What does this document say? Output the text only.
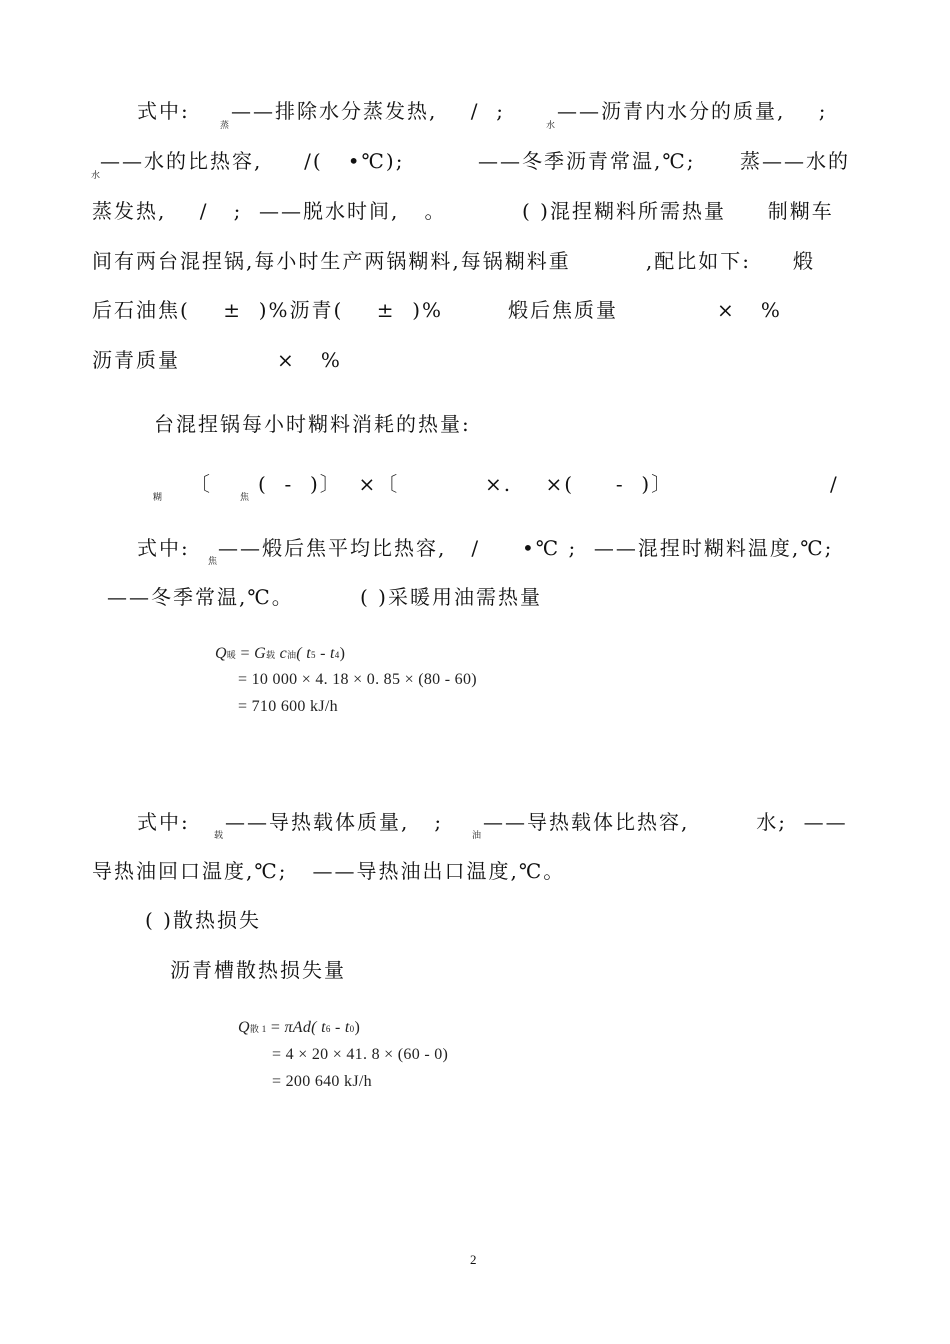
式中: ——排除水分蒸发热,    /  ;	——沥青内水分的质量,    ;
蒸	水
——水的比热容,     /(   •℃);	——冬季沥青常温,℃; 蒸——水的
水
蒸发热,    /   ;  ——脱水时间,   。	( )混捏糊料所需热量     制糊车
间有两台混捏锅,每小时生产两锅糊料,每锅糊料重         ,配比如下:     煅
后石油焦(    ±  )%沥青(    ±  )%	煅后焦质量	×   %
沥青质量	×   %
台混捏锅每小时糊料消耗的热量:
〔 (  -  )〕  ×〔	×.    ×(     -  )〕	/
糊	焦
式中: ——煅后焦平均比热容,   /     •℃ ;  ——混捏时糊料温度,℃;
焦
——冬季常温,℃。	( )采暖用油需热量
Q暖 = G载 c油( t5 - t4)
= 10 000 × 4. 18 × 0. 85 × (80 - 60)
= 710 600 kJ/h
式中: ——导热载体质量,   ; ——导热载体比热容,        水;  ——
载	油
导热油回口温度,℃;   ——导热油出口温度,℃。
( )散热损失
沥青槽散热损失量
Q散 1 = πAd( t6 - t0)
= 4 × 20 × 41. 8 × (60 - 0)
= 200 640 kJ/h
2
